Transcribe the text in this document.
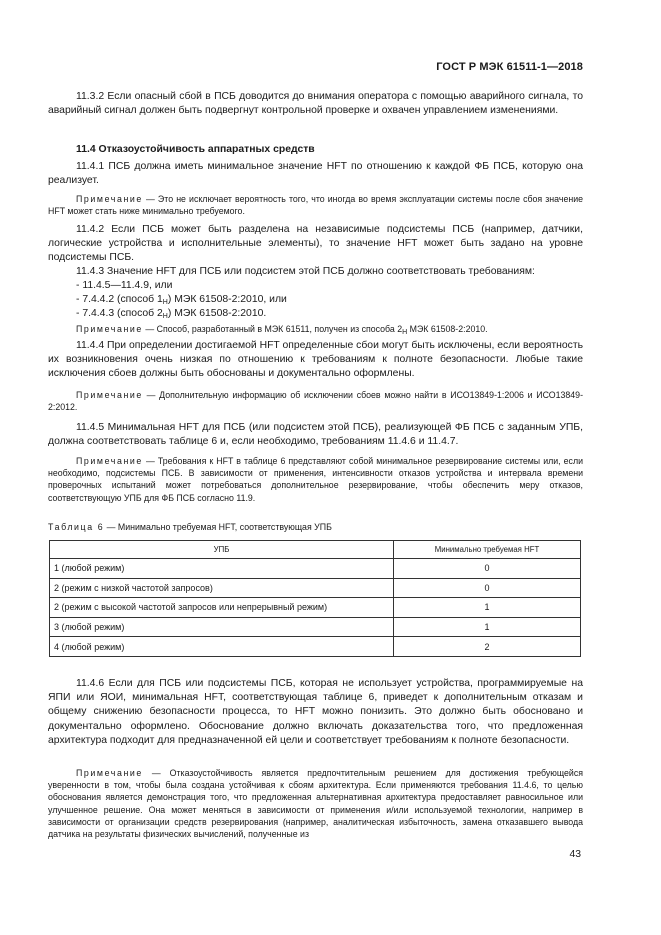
ГОСТ Р МЭК 61511-1—2018

11.3.2 Если опасный сбой в ПСБ доводится до внимания оператора с помощью аварийного сигнала, то аварийный сигнал должен быть подвергнут контрольной проверке и охвачен управлением изменениями.

11.4 Отказоустойчивость аппаратных средств

11.4.1 ПСБ должна иметь минимальное значение HFT по отношению к каждой ФБ ПСБ, которую она реализует.

Примечание — Это не исключает вероятность того, что иногда во время эксплуатации системы после сбоя значение HFT может стать ниже минимально требуемого.

11.4.2 Если ПСБ может быть разделена на независимые подсистемы ПСБ (например, датчики, логические устройства и исполнительные элементы), то значение HFT может быть задано на уровне подсистемы ПСБ.

11.4.3 Значение HFT для ПСБ или подсистем этой ПСБ должно соответствовать требованиям:

- 11.4.5—11.4.9, или
- 7.4.4.2 (способ $1_H$) МЭК 61508-2:2010, или
- 7.4.4.3 (способ $2_H$) МЭК 61508-2:2010.

Примечание — Способ, разработанный в МЭК 61511, получен из способа $2_H$ МЭК 61508-2:2010.

11.4.4 При определении достигаемой HFT определенные сбои могут быть исключены, если вероятность их возникновения очень низкая по отношению к требованиям к полноте безопасности. Любые такие исключения сбоев должны быть обоснованы и документально оформлены.

Примечание — Дополнительную информацию об исключении сбоев можно найти в ИСО13849-1:2006 и ИСО13849-2:2012.

11.4.5 Минимальная HFT для ПСБ (или подсистем этой ПСБ), реализующей ФБ ПСБ с заданным УПБ, должна соответствовать таблице 6 и, если необходимо, требованиям 11.4.6 и 11.4.7.

Примечание — Требования к HFT в таблице 6 представляют собой минимальное резервирование системы или, если необходимо, подсистемы ПСБ. В зависимости от применения, интенсивности отказов устройства и интервала времени проверочных испытаний может потребоваться дополнительное резервирование, чтобы обеспечить меру отказов, соответствующую УПБ для ФБ ПСБ согласно 11.9.

Таблица 6 — Минимально требуемая HFT, соответствующая УПБ
УПБ	Минимально требуемая HFT
1 (любой режим)	0
2 (режим с низкой частотой запросов)	0
2 (режим с высокой частотой запросов или непрерывный режим)	1
3 (любой режим)	1
4 (любой режим)	2

11.4.6 Если для ПСБ или подсистемы ПСБ, которая не использует устройства, программируемые на ЯПИ или ЯОИ, минимальная HFT, соответствующая таблице 6, приведет к дополнительным отказам и общему снижению безопасности процесса, то HFT можно понизить. Это должно быть обосновано и документально оформлено. Обоснование должно включать доказательства того, что предложенная архитектура подходит для предназначенной ей цели и соответствует требованиям к полноте безопасности.

Примечание — Отказоустойчивость является предпочтительным решением для достижения требующейся уверенности в том, чтобы была создана устойчивая к сбоям архитектура. Если применяются требования 11.4.6, то целью обоснования является демонстрация того, что предложенная альтернативная архитектура предоставляет равносильное или улучшенное решение. Она может меняться в зависимости от применения и/или используемой технологии, например в зависимости от организации средств резервирования (например, аналитическая избыточность, замена отказавшего вывода датчика на результаты физических вычислений, полученные из

43
